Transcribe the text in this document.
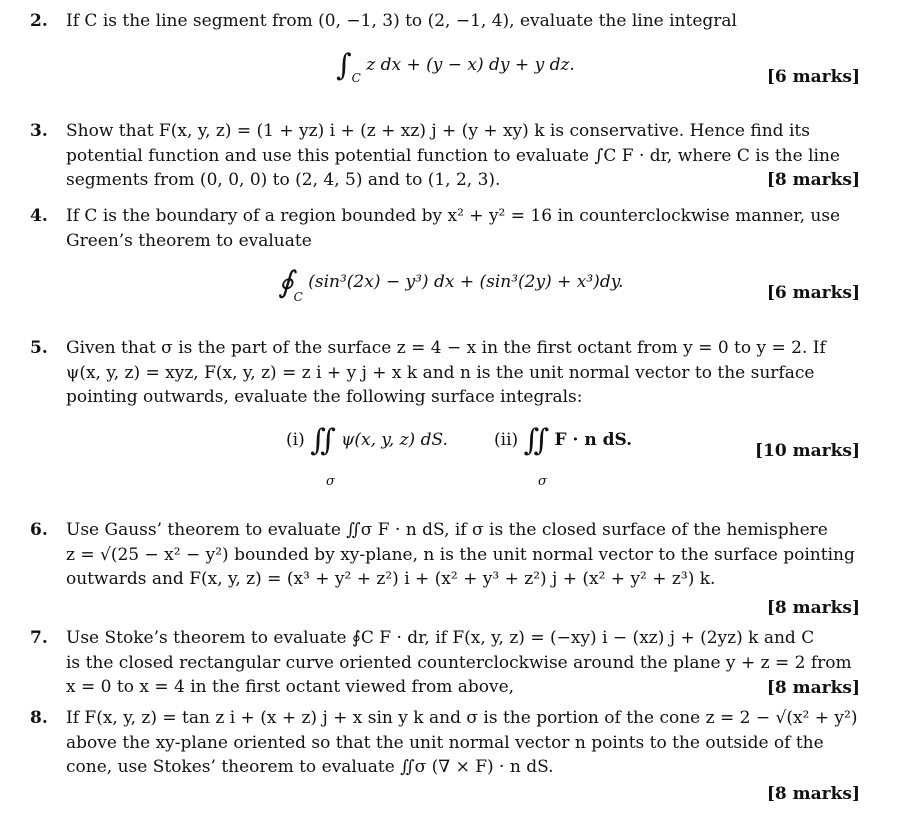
2.	If C is the line segment from (0, −1, 3) to (2, −1, 4), evaluate the line integral
$\int_C$ z dx + (y − x) dy + y dz.
[6 marks]
3.	Show that F(x, y, z) = (1 + yz) i + (z + xz) j + (y + xy) k is conservative. Hence find its
potential function and use this potential function to evaluate ∫C F · dr, where C is the line
segments from (0, 0, 0) to (2, 4, 5) and to (1, 2, 3).	[8 marks]
4.	If C is the boundary of a region bounded by x² + y² = 16 in counterclockwise manner, use
Green’s theorem to evaluate
$∮_C$ (sin³(2x) − y³) dx + (sin³(2y) + x³)dy.
[6 marks]
5.	Given that σ is the part of the surface z = 4 − x in the first octant from y = 0 to y = 2. If
ψ(x, y, z) = xyz, F(x, y, z) = z i + y j + x k and n is the unit normal vector to the surface
pointing outwards, evaluate the following surface integrals:
(i) ∬ ψ(x, y, z) dS.
σ
(ii) ∬ F · n dS.
σ
[10 marks]
6.	Use Gauss’ theorem to evaluate ∬σ F · n dS, if σ is the closed surface of the hemisphere
z = √(25 − x² − y²) bounded by xy-plane, n is the unit normal vector to the surface pointing
outwards and F(x, y, z) = (x³ + y² + z²) i + (x² + y³ + z²) j + (x² + y² + z³) k.
[8 marks]
7.	Use Stoke’s theorem to evaluate ∮C F · dr, if F(x, y, z) = (−xy) i − (xz) j + (2yz) k and C
is the closed rectangular curve oriented counterclockwise around the plane y + z = 2 from
x = 0 to x = 4 in the first octant viewed from above,	[8 marks]
8.	If F(x, y, z) = tan z i + (x + z) j + x sin y k and σ is the portion of the cone z = 2 − √(x² + y²)
above the xy-plane oriented so that the unit normal vector n points to the outside of the
cone, use Stokes’ theorem to evaluate ∬σ (∇ × F) · n dS.
[8 marks]
